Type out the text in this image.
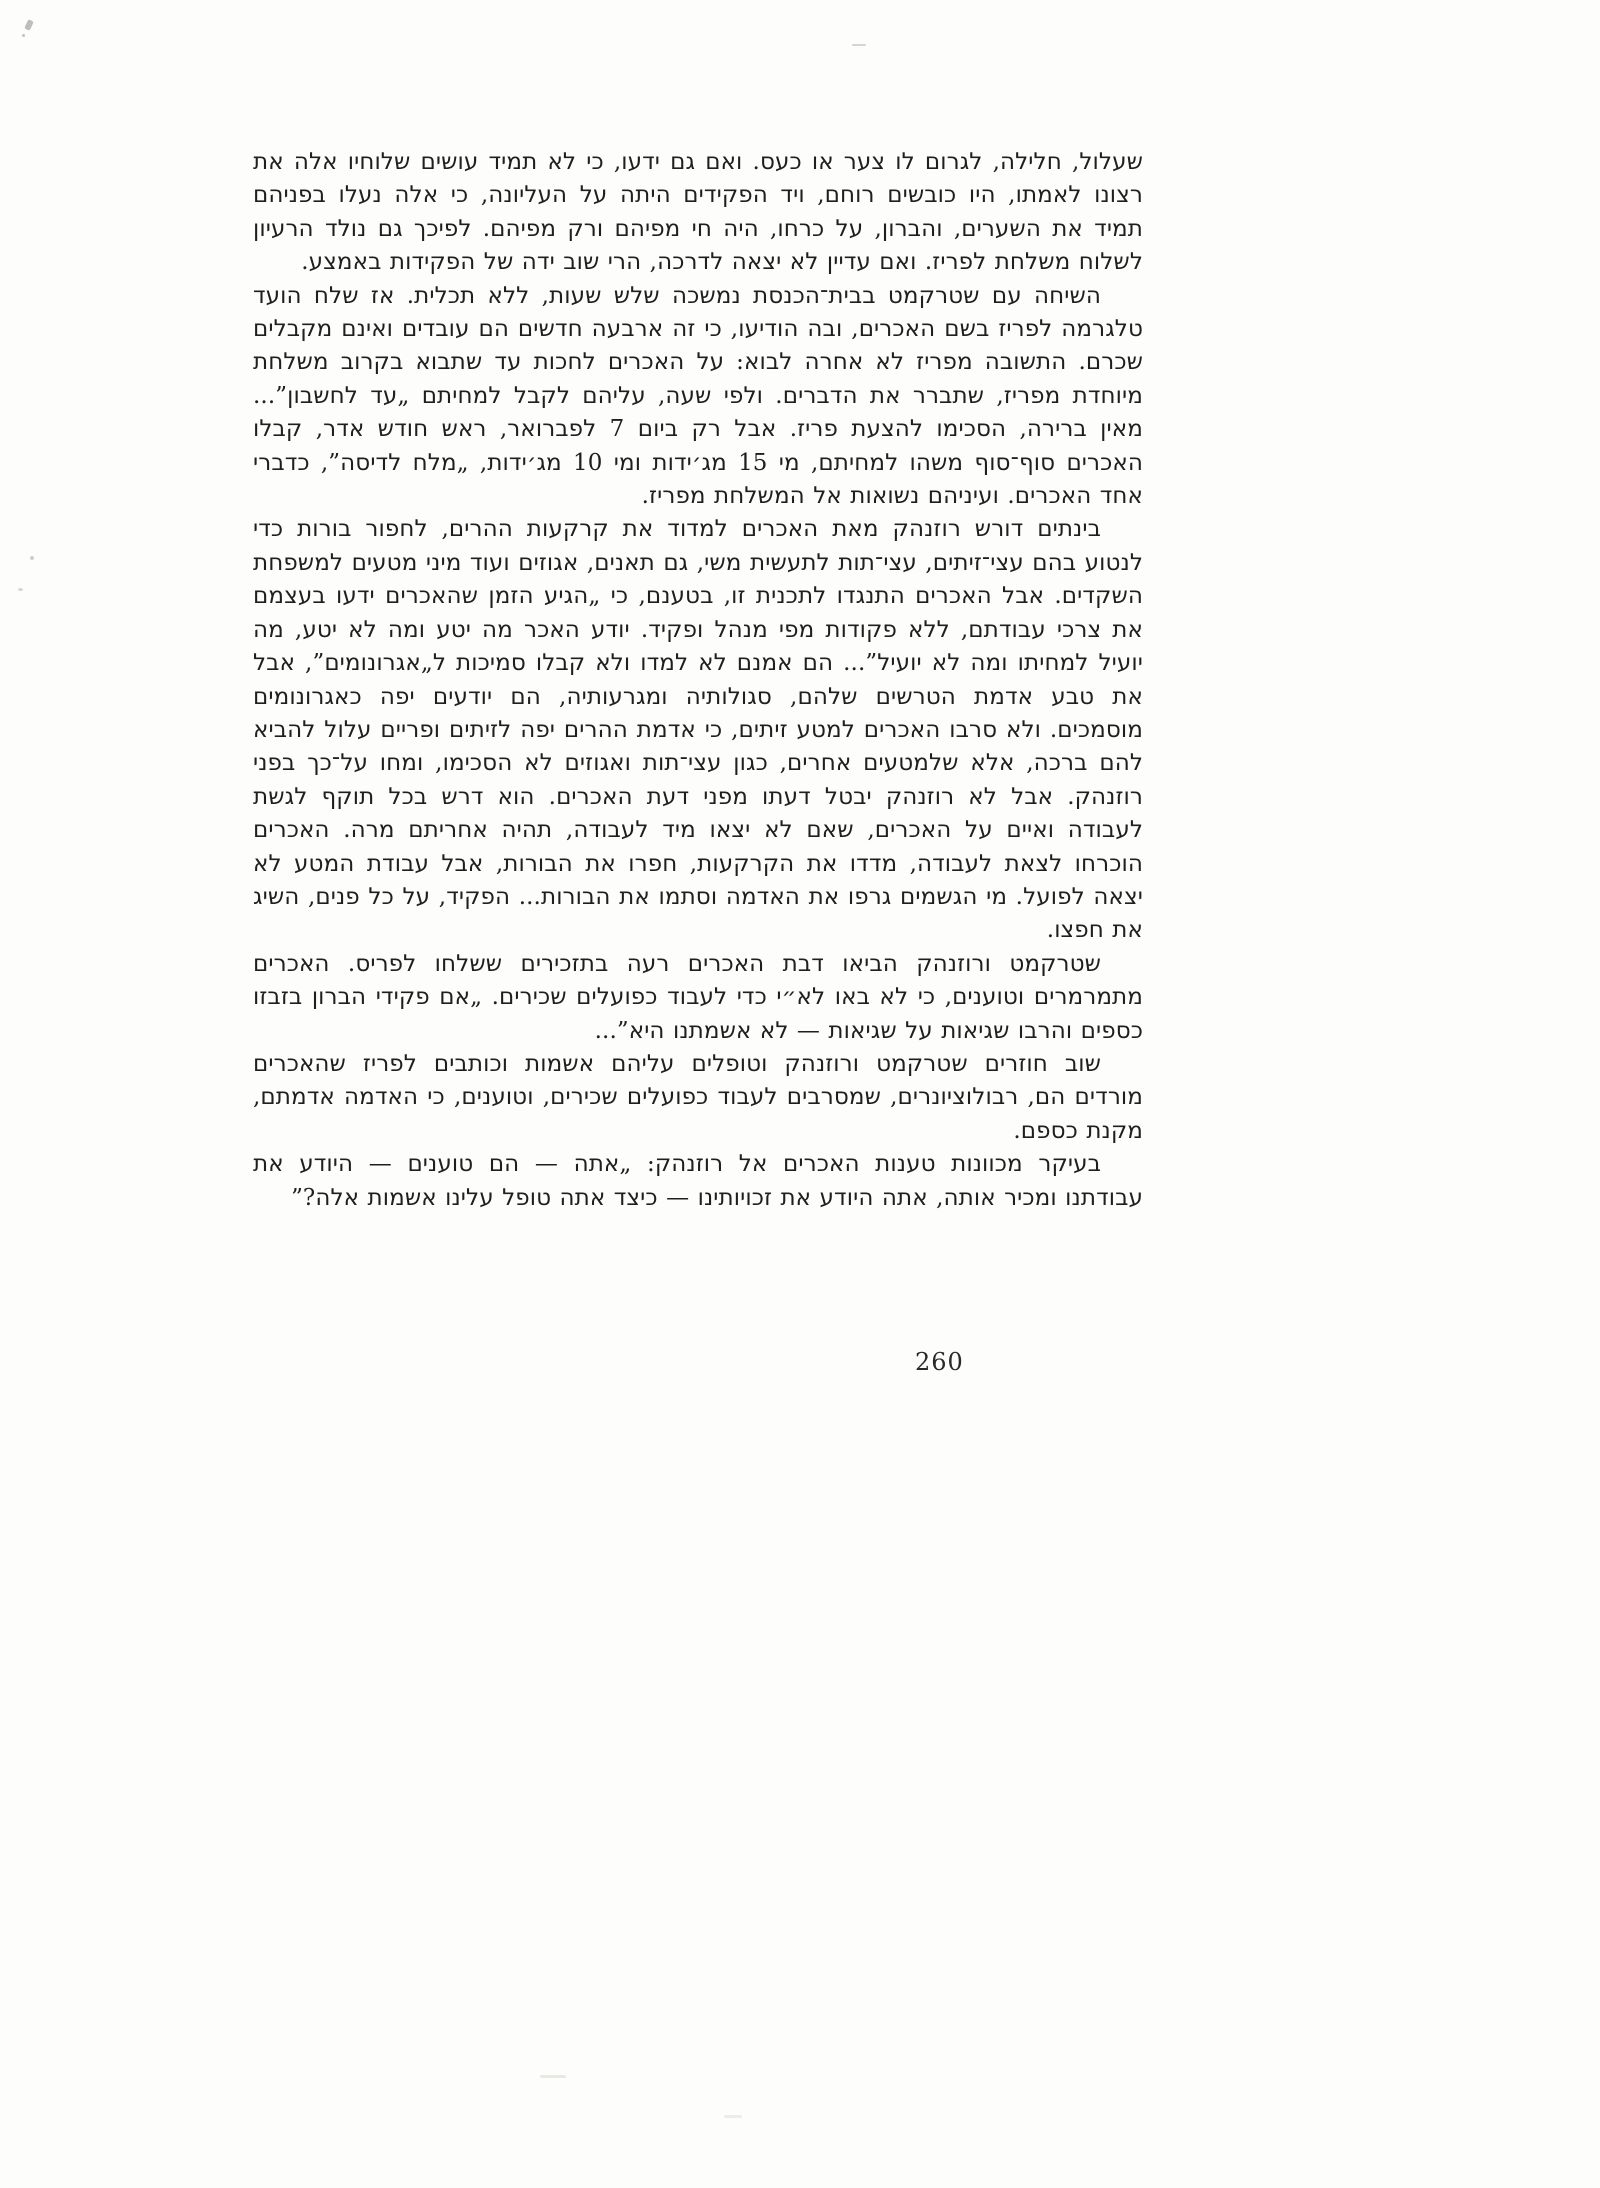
שעלול, חלילה, לגרום לו צער או כעס. ואם גם ידעו, כי לא תמיד עושים שלוחיו אלה את רצונו לאמתו, היו כובשים רוחם, ויד הפקידים היתה על העליונה, כי אלה נעלו בפניהם תמיד את השערים, והברון, על כרחו, היה חי מפיהם ורק מפיהם. לפיכך גם נולד הרעיון לשלוח משלחת לפריז. ואם עדיין לא יצאה לדרכה, הרי שוב ידה של הפקידות באמצע.

השיחה עם שטרקמט בבית־הכנסת נמשכה שלש שעות, ללא תכלית. אז שלח הועד טלגרמה לפריז בשם האכרים, ובה הודיעו, כי זה ארבעה חדשים הם עובדים ואינם מקבלים שכרם. התשובה מפריז לא אחרה לבוא: על האכרים לחכות עד שתבוא בקרוב משלחת מיוחדת מפריז, שתברר את הדברים. ולפי שעה, עליהם לקבל למחיתם „עד לחשבון”... מאין ברירה, הסכימו להצעת פריז. אבל רק ביום 7 לפברואר, ראש חודש אדר, קבלו האכרים סוף־סוף משהו למחיתם, מי 15 מג׳ידות ומי 10 מג׳ידות, „מלח לדיסה”, כדברי אחד האכרים. ועיניהם נשואות אל המשלחת מפריז.

בינתים דורש רוזנהק מאת האכרים למדוד את קרקעות ההרים, לחפור בורות כדי לנטוע בהם עצי־זיתים, עצי־תות לתעשית משי, גם תאנים, אגוזים ועוד מיני מטעים למשפחת השקדים. אבל האכרים התנגדו לתכנית זו, בטענם, כי „הגיע הזמן שהאכרים ידעו בעצמם את צרכי עבודתם, ללא פקודות מפי מנהל ופקיד. יודע האכר מה יטע ומה לא יטע, מה יועיל למחיתו ומה לא יועיל”... הם אמנם לא למדו ולא קבלו סמיכות ל„אגרונומים”, אבל את טבע אדמת הטרשים שלהם, סגולותיה ומגרעותיה, הם יודעים יפה כאגרונומים מוסמכים. ולא סרבו האכרים למטע זיתים, כי אדמת ההרים יפה לזיתים ופריים עלול להביא להם ברכה, אלא שלמטעים אחרים, כגון עצי־תות ואגוזים לא הסכימו, ומחו על־כך בפני רוזנהק. אבל לא רוזנהק יבטל דעתו מפני דעת האכרים. הוא דרש בכל תוקף לגשת לעבודה ואיים על האכרים, שאם לא יצאו מיד לעבודה, תהיה אחריתם מרה. האכרים הוכרחו לצאת לעבודה, מדדו את הקרקעות, חפרו את הבורות, אבל עבודת המטע לא יצאה לפועל. מי הגשמים גרפו את האדמה וסתמו את הבורות... הפקיד, על כל פנים, השיג את חפצו.

שטרקמט ורוזנהק הביאו דבת האכרים רעה בתזכירים ששלחו לפריס. האכרים מתמרמרים וטוענים, כי לא באו לא״י כדי לעבוד כפועלים שכירים. „אם פקידי הברון בזבזו כספים והרבו שגיאות על שגיאות — לא אשמתנו היא”...

שוב חוזרים שטרקמט ורוזנהק וטופלים עליהם אשמות וכותבים לפריז שהאכרים מורדים הם, רבולוציונרים, שמסרבים לעבוד כפועלים שכירים, וטוענים, כי האדמה אדמתם, מקנת כספם.

בעיקר מכוונות טענות האכרים אל רוזנהק: „אתה — הם טוענים — היודע את עבודתנו ומכיר אותה, אתה היודע את זכויותינו — כיצד אתה טופל עלינו אשמות אלה?”

260
